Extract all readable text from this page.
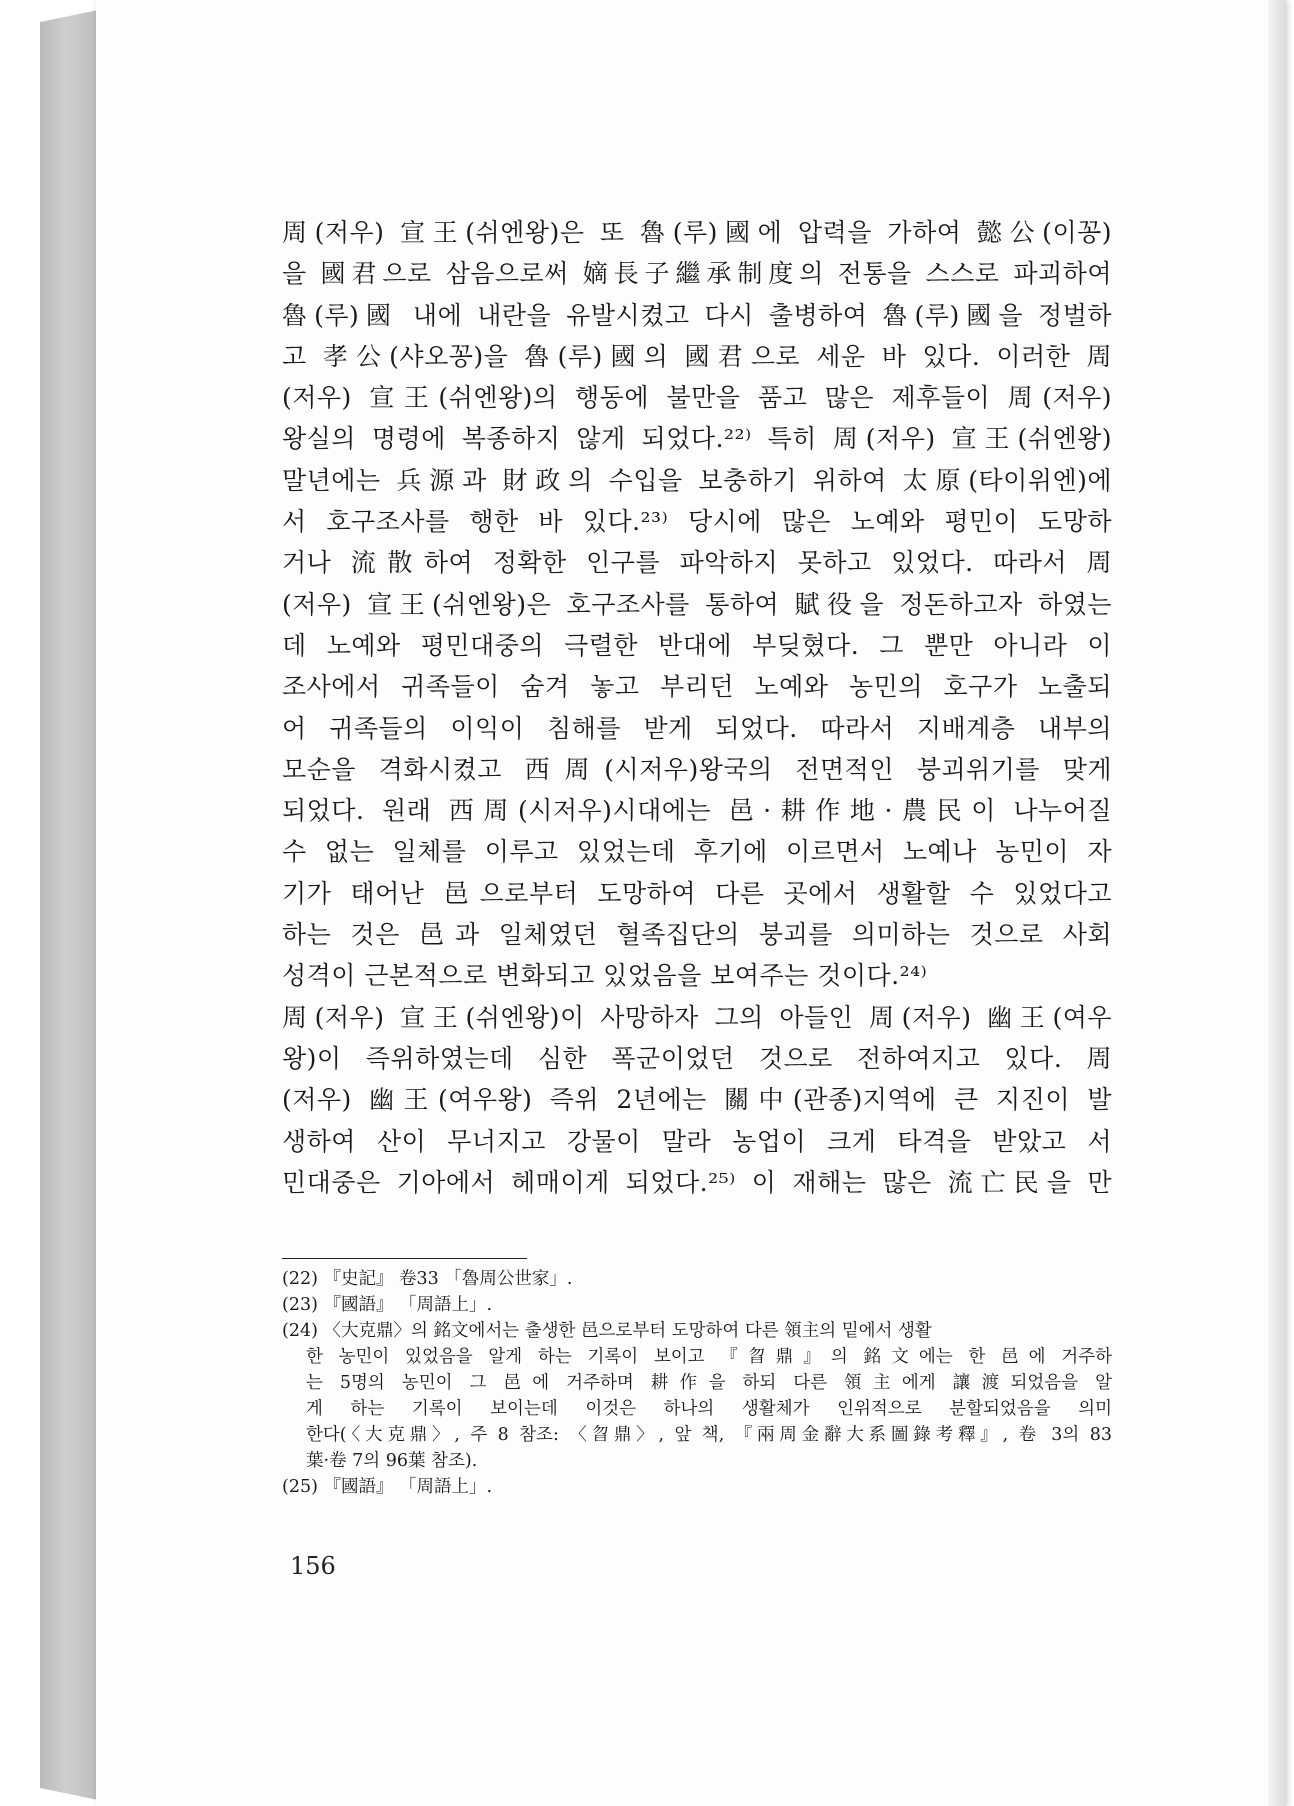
周(저우) 宣王(쉬엔왕)은 또 魯(루)國에 압력을 가하여 懿公(이꽁)
을 國君으로 삼음으로써 嫡長子繼承制度의 전통을 스스로 파괴하여
魯(루)國 내에 내란을 유발시켰고 다시 출병하여 魯(루)國을 정벌하
고 孝公(샤오꽁)을 魯(루)國의 國君으로 세운 바 있다. 이러한 周
(저우) 宣王(쉬엔왕)의 행동에 불만을 품고 많은 제후들이 周(저우)
왕실의 명령에 복종하지 않게 되었다.²²⁾ 특히 周(저우) 宣王(쉬엔왕)
말년에는 兵源과 財政의 수입을 보충하기 위하여 太原(타이위엔)에
서 호구조사를 행한 바 있다.²³⁾ 당시에 많은 노예와 평민이 도망하
거나 流散하여 정확한 인구를 파악하지 못하고 있었다. 따라서 周
(저우) 宣王(쉬엔왕)은 호구조사를 통하여 賦役을 정돈하고자 하였는
데 노예와 평민대중의 극렬한 반대에 부딪혔다. 그 뿐만 아니라 이
조사에서 귀족들이 숨겨 놓고 부리던 노예와 농민의 호구가 노출되
어 귀족들의 이익이 침해를 받게 되었다. 따라서 지배계층 내부의
모순을 격화시켰고 西周(시저우)왕국의 전면적인 붕괴위기를 맞게
되었다. 원래 西周(시저우)시대에는 邑·耕作地·農民이 나누어질
수 없는 일체를 이루고 있었는데 후기에 이르면서 노예나 농민이 자
기가 태어난 邑으로부터 도망하여 다른 곳에서 생활할 수 있었다고
하는 것은 邑과 일체였던 혈족집단의 붕괴를 의미하는 것으로 사회
성격이 근본적으로 변화되고 있었음을 보여주는 것이다.²⁴⁾
周(저우) 宣王(쉬엔왕)이 사망하자 그의 아들인 周(저우) 幽王(여우
왕)이 즉위하였는데 심한 폭군이었던 것으로 전하여지고 있다. 周
(저우) 幽王(여우왕) 즉위 2년에는 關中(관종)지역에 큰 지진이 발
생하여 산이 무너지고 강물이 말라 농업이 크게 타격을 받았고 서
민대중은 기아에서 헤매이게 되었다.²⁵⁾ 이 재해는 많은 流亡民을 만
(22) 『史記』 卷33 「魯周公世家」.
(23) 『國語』 「周語上」.
(24) 〈大克鼎〉의 銘文에서는 출생한 邑으로부터 도망하여 다른 領主의 밑에서 생활
한 농민이 있었음을 알게 하는 기록이 보이고 『曶鼎』의 銘文에는 한 邑에 거주하
는 5명의 농민이 그 邑에 거주하며 耕作을 하되 다른 領主에게 讓渡되었음을 알
게 하는 기록이 보이는데 이것은 하나의 생활체가 인위적으로 분할되었음을 의미
한다(〈大克鼎〉, 주 8 참조: 〈曶鼎〉, 앞 책, 『兩周金辭大系圖錄考釋』, 卷 3의 83
葉·卷 7의 96葉 참조).
(25) 『國語』 「周語上」.
156
